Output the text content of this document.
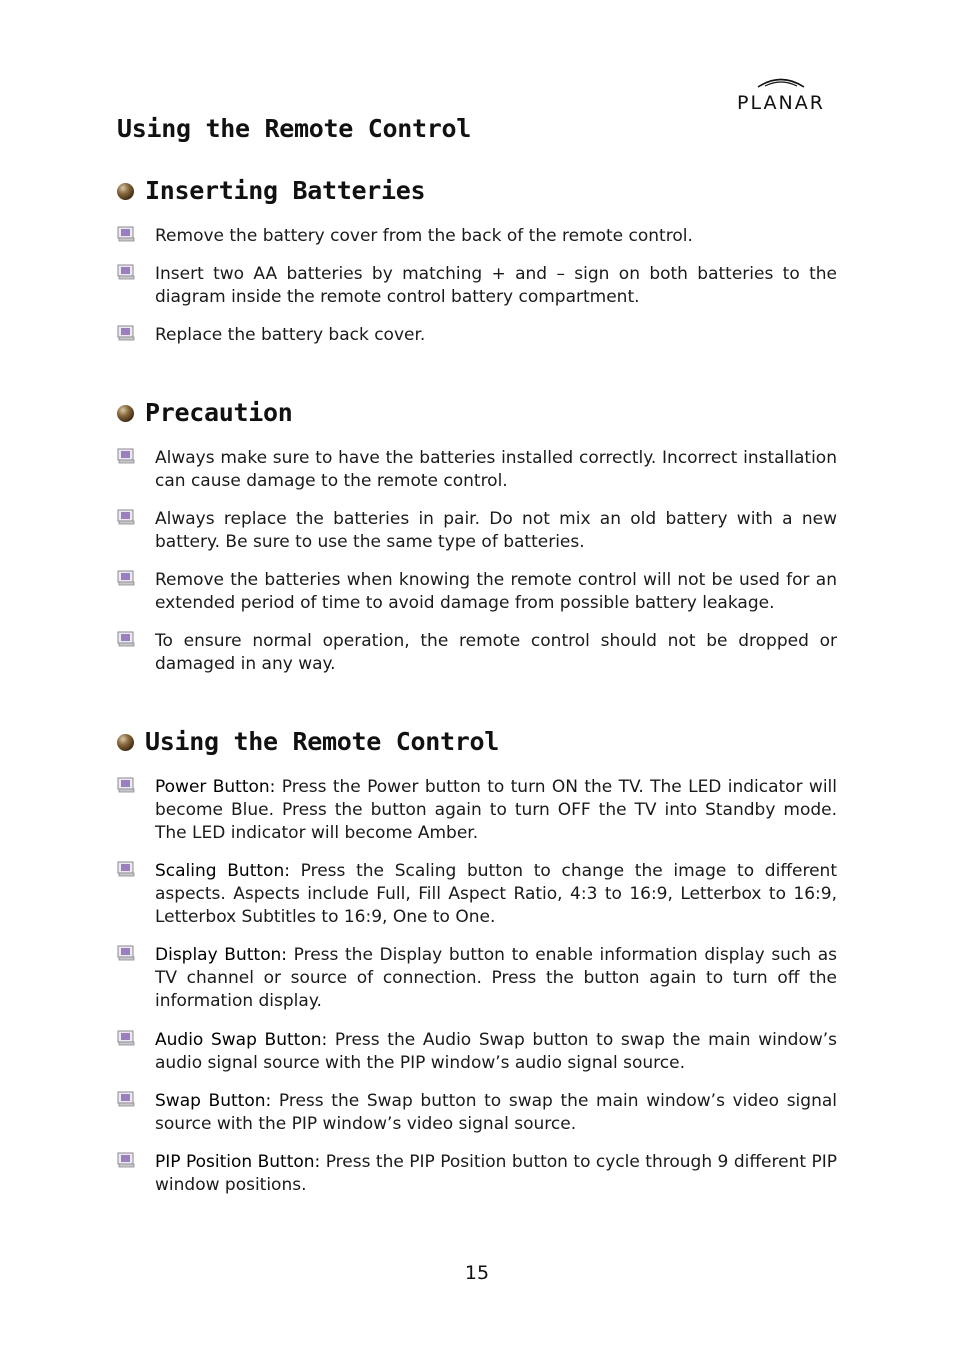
PLANAR
Using the Remote Control
Inserting Batteries
Remove the battery cover from the back of the remote control.
Insert two AA batteries by matching + and – sign on both batteries to the diagram inside the remote control battery compartment.
Replace the battery back cover.
Precaution
Always make sure to have the batteries installed correctly. Incorrect installation can cause damage to the remote control.
Always replace the batteries in pair. Do not mix an old battery with a new battery. Be sure to use the same type of batteries.
Remove the batteries when knowing the remote control will not be used for an extended period of time to avoid damage from possible battery leakage.
To ensure normal operation, the remote control should not be dropped or damaged in any way.
Using the Remote Control
Power Button: Press the Power button to turn ON the TV. The LED indicator will become Blue. Press the button again to turn OFF the TV into Standby mode. The LED indicator will become Amber.
Scaling Button: Press the Scaling button to change the image to different aspects. Aspects include Full, Fill Aspect Ratio, 4:3 to 16:9, Letterbox to 16:9, Letterbox Subtitles to 16:9, One to One.
Display Button: Press the Display button to enable information display such as TV channel or source of connection. Press the button again to turn off the information display.
Audio Swap Button: Press the Audio Swap button to swap the main window’s audio signal source with the PIP window’s audio signal source.
Swap Button: Press the Swap button to swap the main window’s video signal source with the PIP window’s video signal source.
PIP Position Button: Press the PIP Position button to cycle through 9 different PIP window positions.
15
